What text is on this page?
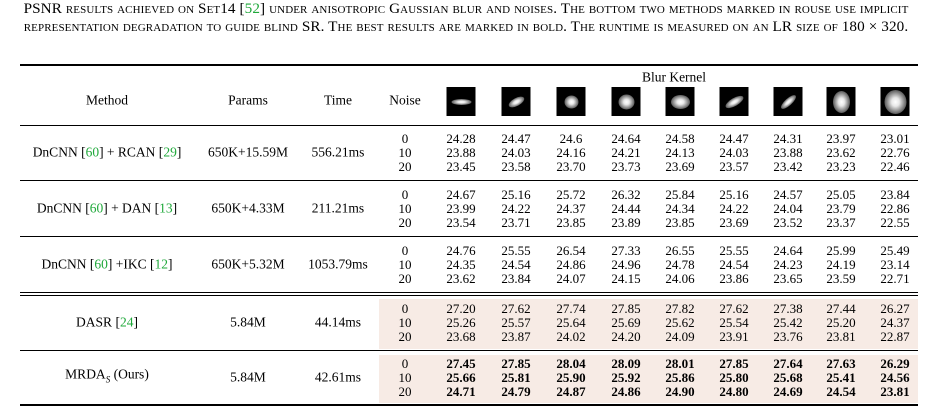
PSNR results achieved on Set14 [52] under anisotropic Gaussian blur and noises. The bottom two methods marked in rouse use implicit representation degradation to guide blind SR. The best results are marked in bold. The runtime is measured on an LR size of 180 × 320.
Method	Params	Time	Noise
Blur Kernel
DnCNN [60] + RCAN [29] 650K+15.59M 556.21ms
0	24.28	24.47	24.6	24.64	24.58	24.47	24.31	23.97	23.01
10	23.88	24.03	24.16	24.21	24.13	24.03	23.88	23.62	22.76
20	23.45	23.58	23.70	23.73	23.69	23.57	23.42	23.23	22.46
DnCNN [60] + DAN [13]	650K+4.33M 211.21ms
0	24.67	25.16	25.72	26.32	25.84	25.16	24.57	25.05	23.84
10	23.99	24.22	24.37	24.44	24.34	24.22	24.04	23.79	22.86
20	23.54	23.71	23.85	23.89	23.85	23.69	23.52	23.37	22.55
DnCNN [60] +IKC [12]	650K+5.32M 1053.79ms
0	24.76	25.55	26.54	27.33	26.55	25.55	24.64	25.99	25.49
10	24.35	24.54	24.86	24.96	24.78	24.54	24.23	24.19	23.14
20	23.62	23.84	24.07	24.15	24.06	23.86	23.65	23.59	22.71
DASR [24]	5.84M	44.14ms
0	27.20	27.62	27.74	27.85	27.82	27.62	27.38	27.44	26.27
10	25.26	25.57	25.64	25.69	25.62	25.54	25.42	25.20	24.37
20	23.68	23.87	24.02	24.20	24.09	23.91	23.76	23.81	22.87
$MRDA_S$ (Ours)	5.84M	42.61ms
0	27.45	27.85	28.04	28.09	28.01	27.85	27.64	27.63	26.29
10	25.66	25.81	25.90	25.92	25.86	25.80	25.68	25.41	24.56
20	24.71	24.79	24.87	24.86	24.90	24.80	24.69	24.54	23.81
